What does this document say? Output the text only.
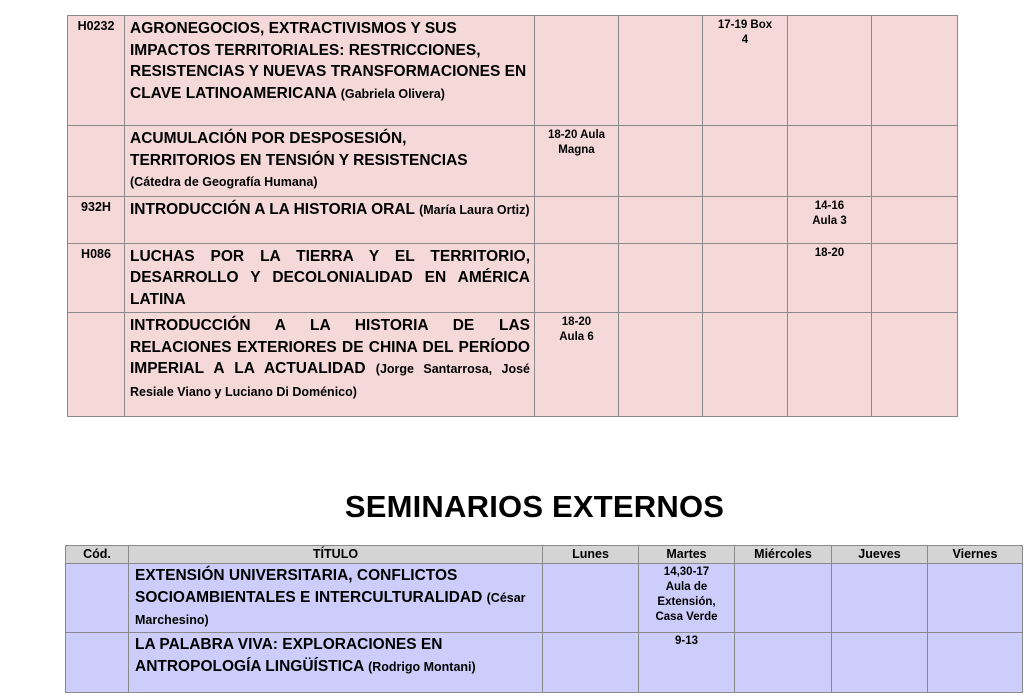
H0232	AGRONEGOCIOS, EXTRACTIVISMOS Y SUS IMPACTOS TERRITORIALES: RESTRICCIONES, RESISTENCIAS Y NUEVAS TRANSFORMACIONES EN CLAVE LATINOAMERICANA (Gabriela Olivera)			17-19 Box 4		
	ACUMULACIÓN POR DESPOSESIÓN, TERRITORIOS EN TENSIÓN Y RESISTENCIAS
(Cátedra de Geografía Humana)	18-20 Aula Magna				
932H	INTRODUCCIÓN A LA HISTORIA ORAL (María Laura Ortiz)				14-16 Aula 3	
H086	LUCHAS POR LA TIERRA Y EL TERRITORIO, DESARROLLO Y DECOLONIALIDAD EN AMÉRICA LATINA				18-20	
	INTRODUCCIÓN A LA HISTORIA DE LAS RELACIONES EXTERIORES DE CHINA DEL PERÍODO IMPERIAL A LA ACTUALIDAD (Jorge Santarrosa, José Resiale Viano y Luciano Di Doménico)	18-20 Aula 6				
SEMINARIOS EXTERNOS
Cód.	TÍTULO	Lunes	Martes	Miércoles	Jueves	Viernes
	EXTENSIÓN UNIVERSITARIA, CONFLICTOS SOCIOAMBIENTALES E INTERCULTURALIDAD (César Marchesino)		14,30-17 Aula de Extensión, Casa Verde			
	LA PALABRA VIVA: EXPLORACIONES EN ANTROPOLOGÍA LINGÜÍSTICA (Rodrigo Montani)		9-13			
